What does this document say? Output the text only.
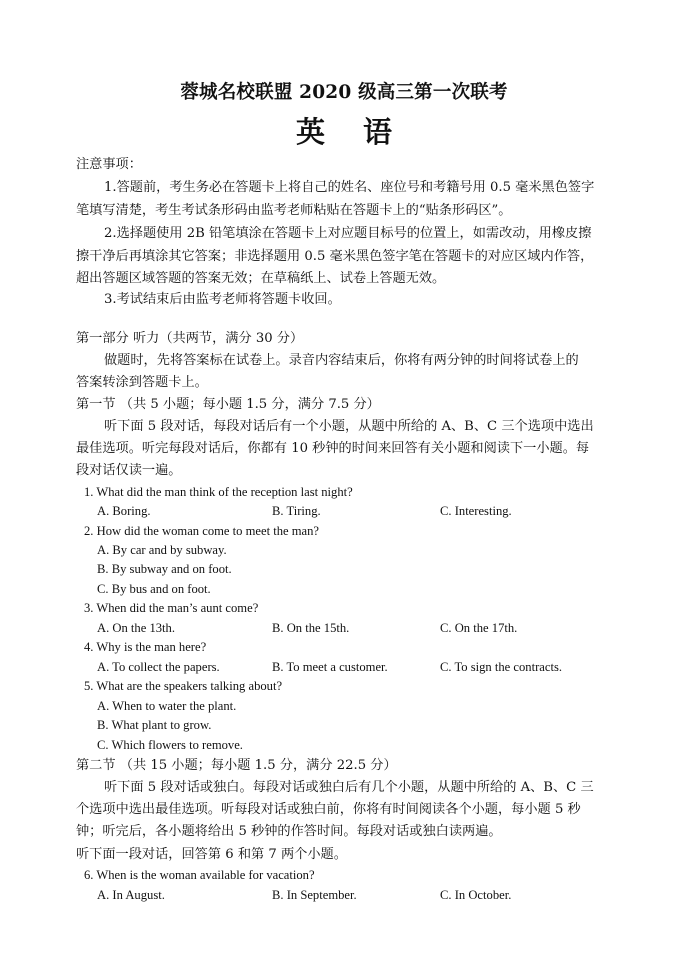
蓉城名校联盟 2020 级高三第一次联考
英 语
注意事项：
1.答题前，考生务必在答题卡上将自己的姓名、座位号和考籍号用 0.5 毫米黑色签字
笔填写清楚，考生考试条形码由监考老师粘贴在答题卡上的“贴条形码区”。
2.选择题使用 2B 铅笔填涂在答题卡上对应题目标号的位置上，如需改动，用橡皮擦
擦干净后再填涂其它答案；非选择题用 0.5 毫米黑色签字笔在答题卡的对应区域内作答，
超出答题区域答题的答案无效；在草稿纸上、试卷上答题无效。
3.考试结束后由监考老师将答题卡收回。
第一部分 听力（共两节，满分 30 分）
做题时，先将答案标在试卷上。录音内容结束后，你将有两分钟的时间将试卷上的
答案转涂到答题卡上。
第一节 （共 5 小题；每小题 1.5 分，满分 7.5 分）
听下面 5 段对话，每段对话后有一个小题，从题中所给的 A、B、C 三个选项中选出
最佳选项。听完每段对话后，你都有 10 秒钟的时间来回答有关小题和阅读下一小题。每
段对话仅读一遍。
1. What did the man think of the reception last night?
A. Boring.	B. Tiring.	C. Interesting.
2. How did the woman come to meet the man?
A. By car and by subway.
B. By subway and on foot.
C. By bus and on foot.
3. When did the man’s aunt come?
A. On the 13th.	B. On the 15th.	C. On the 17th.
4. Why is the man here?
A. To collect the papers.	B. To meet a customer.	C. To sign the contracts.
5. What are the speakers talking about?
A. When to water the plant.
B. What plant to grow.
C. Which flowers to remove.
第二节 （共 15 小题；每小题 1.5 分，满分 22.5 分）
听下面 5 段对话或独白。每段对话或独白后有几个小题，从题中所给的 A、B、C 三
个选项中选出最佳选项。听每段对话或独白前，你将有时间阅读各个小题，每小题 5 秒
钟；听完后，各小题将给出 5 秒钟的作答时间。每段对话或独白读两遍。
听下面一段对话，回答第 6 和第 7 两个小题。
6. When is the woman available for vacation?
A. In August.	B. In September.	C. In October.
